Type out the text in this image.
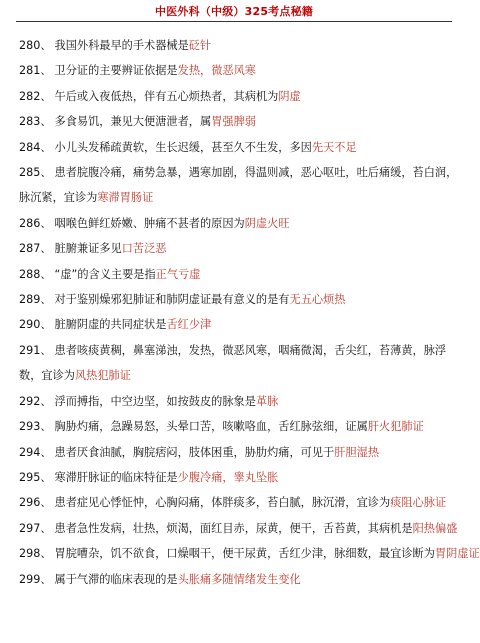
中医外科（中级）325考点秘籍
280、 我国外科最早的手术器械是砭针
281、 卫分证的主要辨证依据是发热，微恶风寒
282、 午后或入夜低热，伴有五心烦热者，其病机为阴虚
283、 多食易饥，兼见大便溏泄者，属胃强脾弱
284、 小儿头发稀疏黄软，生长迟缓，甚至久不生发，多因先天不足
285、 患者脘腹冷痛，痛势急暴，遇寒加剧，得温则减，恶心呕吐，吐后痛缓，苔白润，脉沉紧，宜诊为寒滞胃肠证
286、 咽喉色鲜红娇嫩、肿痛不甚者的原因为阴虚火旺
287、 脏腑兼证多见口苦泛恶
288、 “虚”的含义主要是指正气亏虚
289、 对于鉴别燥邪犯肺证和肺阴虚证最有意义的是有无五心烦热
290、 脏腑阴虚的共同症状是舌红少津
291、 患者咳痰黄稠，鼻塞涕浊，发热，微恶风寒，咽痛微渴，舌尖红，苔薄黄，脉浮数，宜诊为风热犯肺证
292、 浮而搏指，中空边坚，如按鼓皮的脉象是革脉
293、 胸胁灼痛，急躁易怒，头晕口苦，咳嗽咯血，舌红脉弦细，证属肝火犯肺证
294、 患者厌食油腻，胸脘痞闷，肢体困重，胁肋灼痛，可见于肝胆湿热
295、 寒滞肝脉证的临床特征是少腹冷痛，睾丸坠胀
296、 患者症见心悸怔忡，心胸闷痛，体胖痰多，苔白腻，脉沉滑，宜诊为痰阻心脉证
297、 患者急性发病，壮热，烦渴，面红目赤，尿黄，便干，舌苔黄，其病机是阳热偏盛
298、 胃脘嘈杂，饥不欲食，口燥咽干，便干尿黄，舌红少津，脉细数，最宜诊断为胃阴虚证
299、 属于气滞的临床表现的是头胀痛多随情绪发生变化
